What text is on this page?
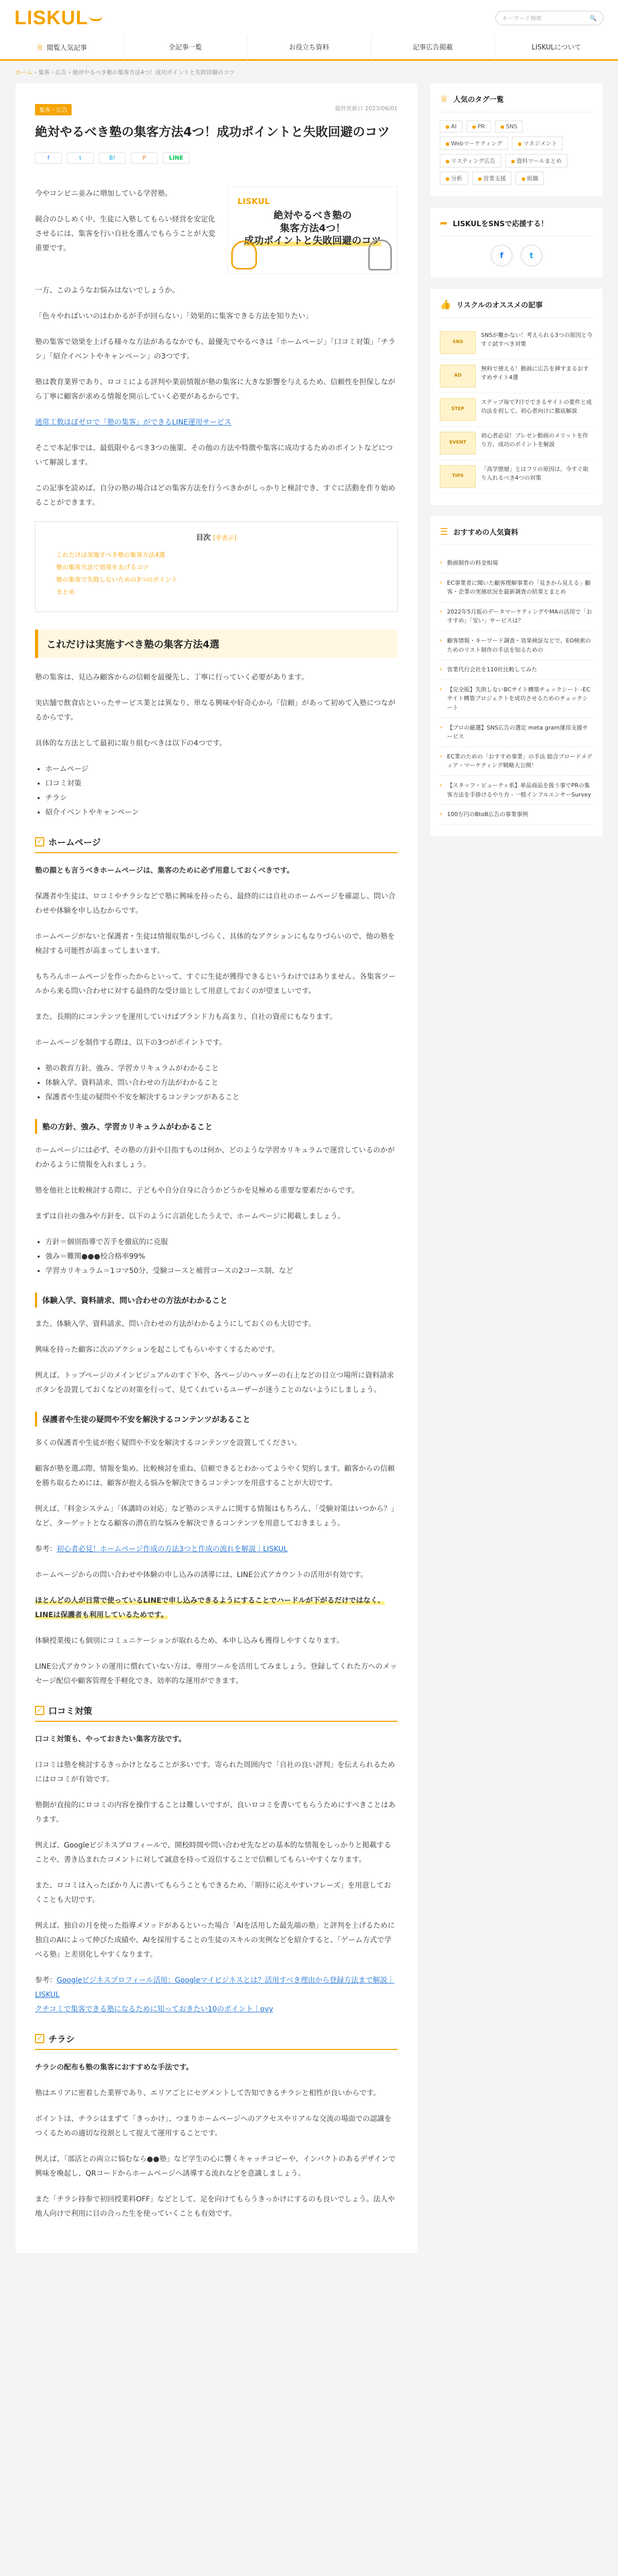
LISKUL	キーワード検索	🔍
♕ 閲覧人気記事	全記事一覧	お役立ち資料	記事広告掲載	LISKULについて
ホーム › 集客・広告 › 絶対やるべき塾の集客方法4つ！成功ポイントと失敗回避のコツ
集客・広告	最終更新日 2023/06/01
絶対やるべき塾の集客方法4つ！成功ポイントと失敗回避のコツ
f	t	B!	P	LINE

今やコンビニ並みに増加している学習塾。

競合のひしめく中、生徒に入塾してもらい経営を安定化させるには、集客を行い自社を選んでもらうことが大変重要です。

LISKUL
絶対やるべき塾の
集客方法4つ！
成功ポイントと失敗回避のコツ

一方、このようなお悩みはないでしょうか。

「色々やればいいのはわかるが手が回らない」「効果的に集客できる方法を知りたい」

塾の集客で効果を上げる様々な方法があるなかでも、最優先でやるべきは「ホームページ」「口コミ対策」「チラシ」「紹介イベントやキャンペーン」の3つです。

塾は教育業界であり、ロコミによる評判や業前情報が塾の集客に大きな影響を与えるため、信頼性を担保しながら丁寧に顧客が求める情報を開示していく必要があるからです。

通常工数ほぼゼロで「塾の集客」ができるLINE運用サービス

そこで本記事では、最低限やるべき3つの施策、その他の方法や特徴や集客に成功するためのポイントなどについて解説します。

この記事を読めば、自分の塾の場合はどの集客方法を行うべきかがしっかりと検討でき、すぐに活動を作り始めることができます。

目次 [非表示]
これだけは実施すべき塾の集客方法4選
塾の集客方法で効果をあげるコツ
塾の集客で失敗しないための3つのポイント
まとめ
これだけは実施すべき塾の集客方法4選

塾の集客は、見込み顧客からの信頼を最優先し、丁寧に行っていく必要があります。

実店舗で飲食店といったサービス業とは異なり、単なる興味や好奇心から「信頼」があって初めて入塾につながるからです。

具体的な方法として最初に取り組むべきは以下の4つです。

• ホームページ
• 口コミ対策
• チラシ
• 紹介イベントやキャンペーン
✓ ホームページ

塾の顔とも言うべきホームページは、集客のために必ず用意しておくべきです。

保護者や生徒は、ロコミやチラシなどで塾に興味を持ったら、最終的には自社のホームページを確認し、問い合わせや体験を申し込むからです。

ホームページがないと保護者・生徒は情報収集がしづらく、具体的なアクションにもなりづらいので、他の塾を検討する可能性が高まってしまいます。

もちろんホームページを作ったからといって、すぐに生徒が獲得できるというわけではありません。各集客ツールから来る問い合わせに対する最終的な受け皿として用意しておくのが望ましいです。

また、長期的にコンテンツを運用していけばブランド力も高まり、自社の資産にもなります。

ホームページを制作する際は、以下の3つがポイントです。

• 塾の教育方針、強み、学習カリキュラムがわかること
• 体験入学、資料請求、問い合わせの方法がわかること
• 保護者や生徒の疑問や不安を解決するコンテンツがあること
塾の方針、強み、学習カリキュラムがわかること

ホームページには必ず、その塾の方針や目指すものは何か、どのような学習カリキュラムで運営しているのかがわかるように情報を入れましょう。

塾を他社と比較検討する際に、子どもや自分自身に合うかどうかを見極める重要な要素だからです。

まずは自社の強みや方針を、以下のように言語化したうえで、ホームページに掲載しましょう。

• 方針＝個別指導で苦手を徹底的に克服
• 強み＝難関●●●校合格率99%
• 学習カリキュラム＝1コマ50分、受験コースと補習コースの2コース制、など
体験入学、資料請求、問い合わせの方法がわかること

また、体験入学、資料請求、問い合わせの方法がわかるようにしておくのも大切です。

興味を持った顧客に次のアクションを起こしてもらいやすくするためです。

例えば、トップページのメインビジュアルのすぐ下や、各ページのヘッダーの右上などの目立つ場所に資料請求ボタンを設置しておくなどの対策を行って、見てくれているユーザーが迷うことのないようにしましょう。

保護者や生徒の疑問や不安を解決するコンテンツがあること

多くの保護者や生徒が抱く疑問や不安を解決するコンテンツを設置してください。

顧客が塾を選ぶ際、情報を集め、比較検討を重ね、信頼できるとわかってようやく契約します。顧客からの信頼を勝ち取るためには、顧客が抱える悩みを解決できるコンテンツを用意することが大切です。

例えば、「料金システム」「体講時の対応」など塾のシステムに関する情報はもちろん、「受験対策はいつから？」など、ターゲットとなる顧客の潜在的な悩みを解決できるコンテンツを用意しておきましょう。

参考：初心者必見！ホームページ作成の方法3つと作成の流れを解説｜LISKUL

ホームページからの問い合わせや体験の申し込みの誘導には、LINE公式アカウントの活用が有効です。

ほとんどの人が日常で使っているLINEで申し込みできるようにすることでハードルが下がるだけではなく、LINEは保護者も利用しているためです。

体験授業後にも個別にコミュニケーションが取れるため、本申し込みも獲得しやすくなります。

LINE公式アカウントの運用に慣れていない方は、専用ツールを活用してみましょう。登録してくれた方へのメッセージ配信や顧客管理を手軽化でき、効率的な運用ができます。

✓ 口コミ対策

口コミ対策も、やっておきたい集客方法です。

口コミは塾を検討するきっかけとなることが多いです。寄られた周囲内で「自社の良い評判」を伝えられるためにはロコミが有効です。

塾側が直接的にロコミの内容を操作することは難しいですが、良いロコミを書いてもらうためにすべきことはあります。

例えば、Googleビジネスプロフィールで、開校時間や問い合わせ先などの基本的な情報をしっかりと掲載することや、書き込まれたコメントに対して誠意を持って返信することで信頼してもらいやすくなります。

また、ロコミは入ったばかり人に書いてもらうこともできるため、「期待に応えやすいフレーズ」を用意しておくことも大切です。

例えば、独自の月を使った指導メソッドがあるといった場合「AIを活用した最先端の塾」と評判を上げるために独自のAIによって伸びた成績や、AIを採用することの生徒のスキルの実例などを紹介すると、「ゲーム方式で学べる塾」と差別化しやすくなります。

参考：Googleビジネスプロフィール活用：Googleマイビジネスとは？活用すべき理由から登録方法まで解説｜LISKUL
クチコミで集客できる塾になるために知っておきたい10のポイント｜ovy

✓ チラシ

チラシの配布も塾の集客におすすめな手法です。

塾はエリアに密着した業界であり、エリアごとにセグメントして告知できるチラシと相性が良いからです。

ポイントは、チラシはまずて「きっかけ」、つまりホームページへのアクセスやリアルな交流の場面での認識をつくるための適切な役割として捉えて運用することです。

例えば、「部活との両立に悩むなら●●塾」など学生の心に響くキャッチコピーや、インパクトのあるデザインで興味を喚起し、QRコードからホームページへ誘導する流れなどを意識しましょう。

また「チラシ持参で初回授業料OFF」などとして、足を向けてもらうきっかけにするのも良いでしょう。法人や地人向けで利用に目の合った生を使っていくことも有効です。

♕ 人気のタグ一覧
● AI	● PR	● SNS
● Webマーケティング	● マネジメント
● リスティング広告	● 資料ツールまとめ
● 分析	● 営業支援	● 組織
➦ LISKULをSNSで応援する！
f	t
👍 リスクルのオススメの記事
SNS
SNSが難かない！考えられる3つの原因と今すぐ試すべき対策
AD
無料で使える！動画に広告を挿すまるおすすめサイト4選
STEP
ステップ毎で7日でできるサイトの要件と成功法を初して、初心者向けに徹底解説
EVENT
初心者必見！プレゼン動画のメリットを作り方、成功のポイントを解説
TIPS
「高学歴層」とはフリの原因は、今すぐ取り入れるべき4つの対策
☰ おすすめの人気資料
› 動画制作の料金相場
› EC事業者に聞いた顧客理解事業の「見きから見える」顧客・企業の実施状況を最新調査の結果とまとめ
› 2022年5月版のデータマーケティングやMAの活用で「おすすめ」「安い」サービスは？
› 顧客情報・キーワード調査・効果検証などで、EO検索のためのリスト制作の手法を知るための
› 営業代行会社を110社比較してみた
› 【完全版】失敗しないBCサイト構築チェックシート -ECサイト構築プロジェクトを成功させるためのチェックシート
› 【プロの厳選】SNS広告の選定 meta gram運用支援サービス
› EC業のための「おすすめ事業」の手法 総合ブロードメディア・マーケティング戦略大公開！
› 【スタッフ・ビューティ系】単品商品を扱う事でPRの集客方法を手掛けるやり方 - 一般インフルエンサーSurvey
› 100万円のBtoB広告の事業事例
